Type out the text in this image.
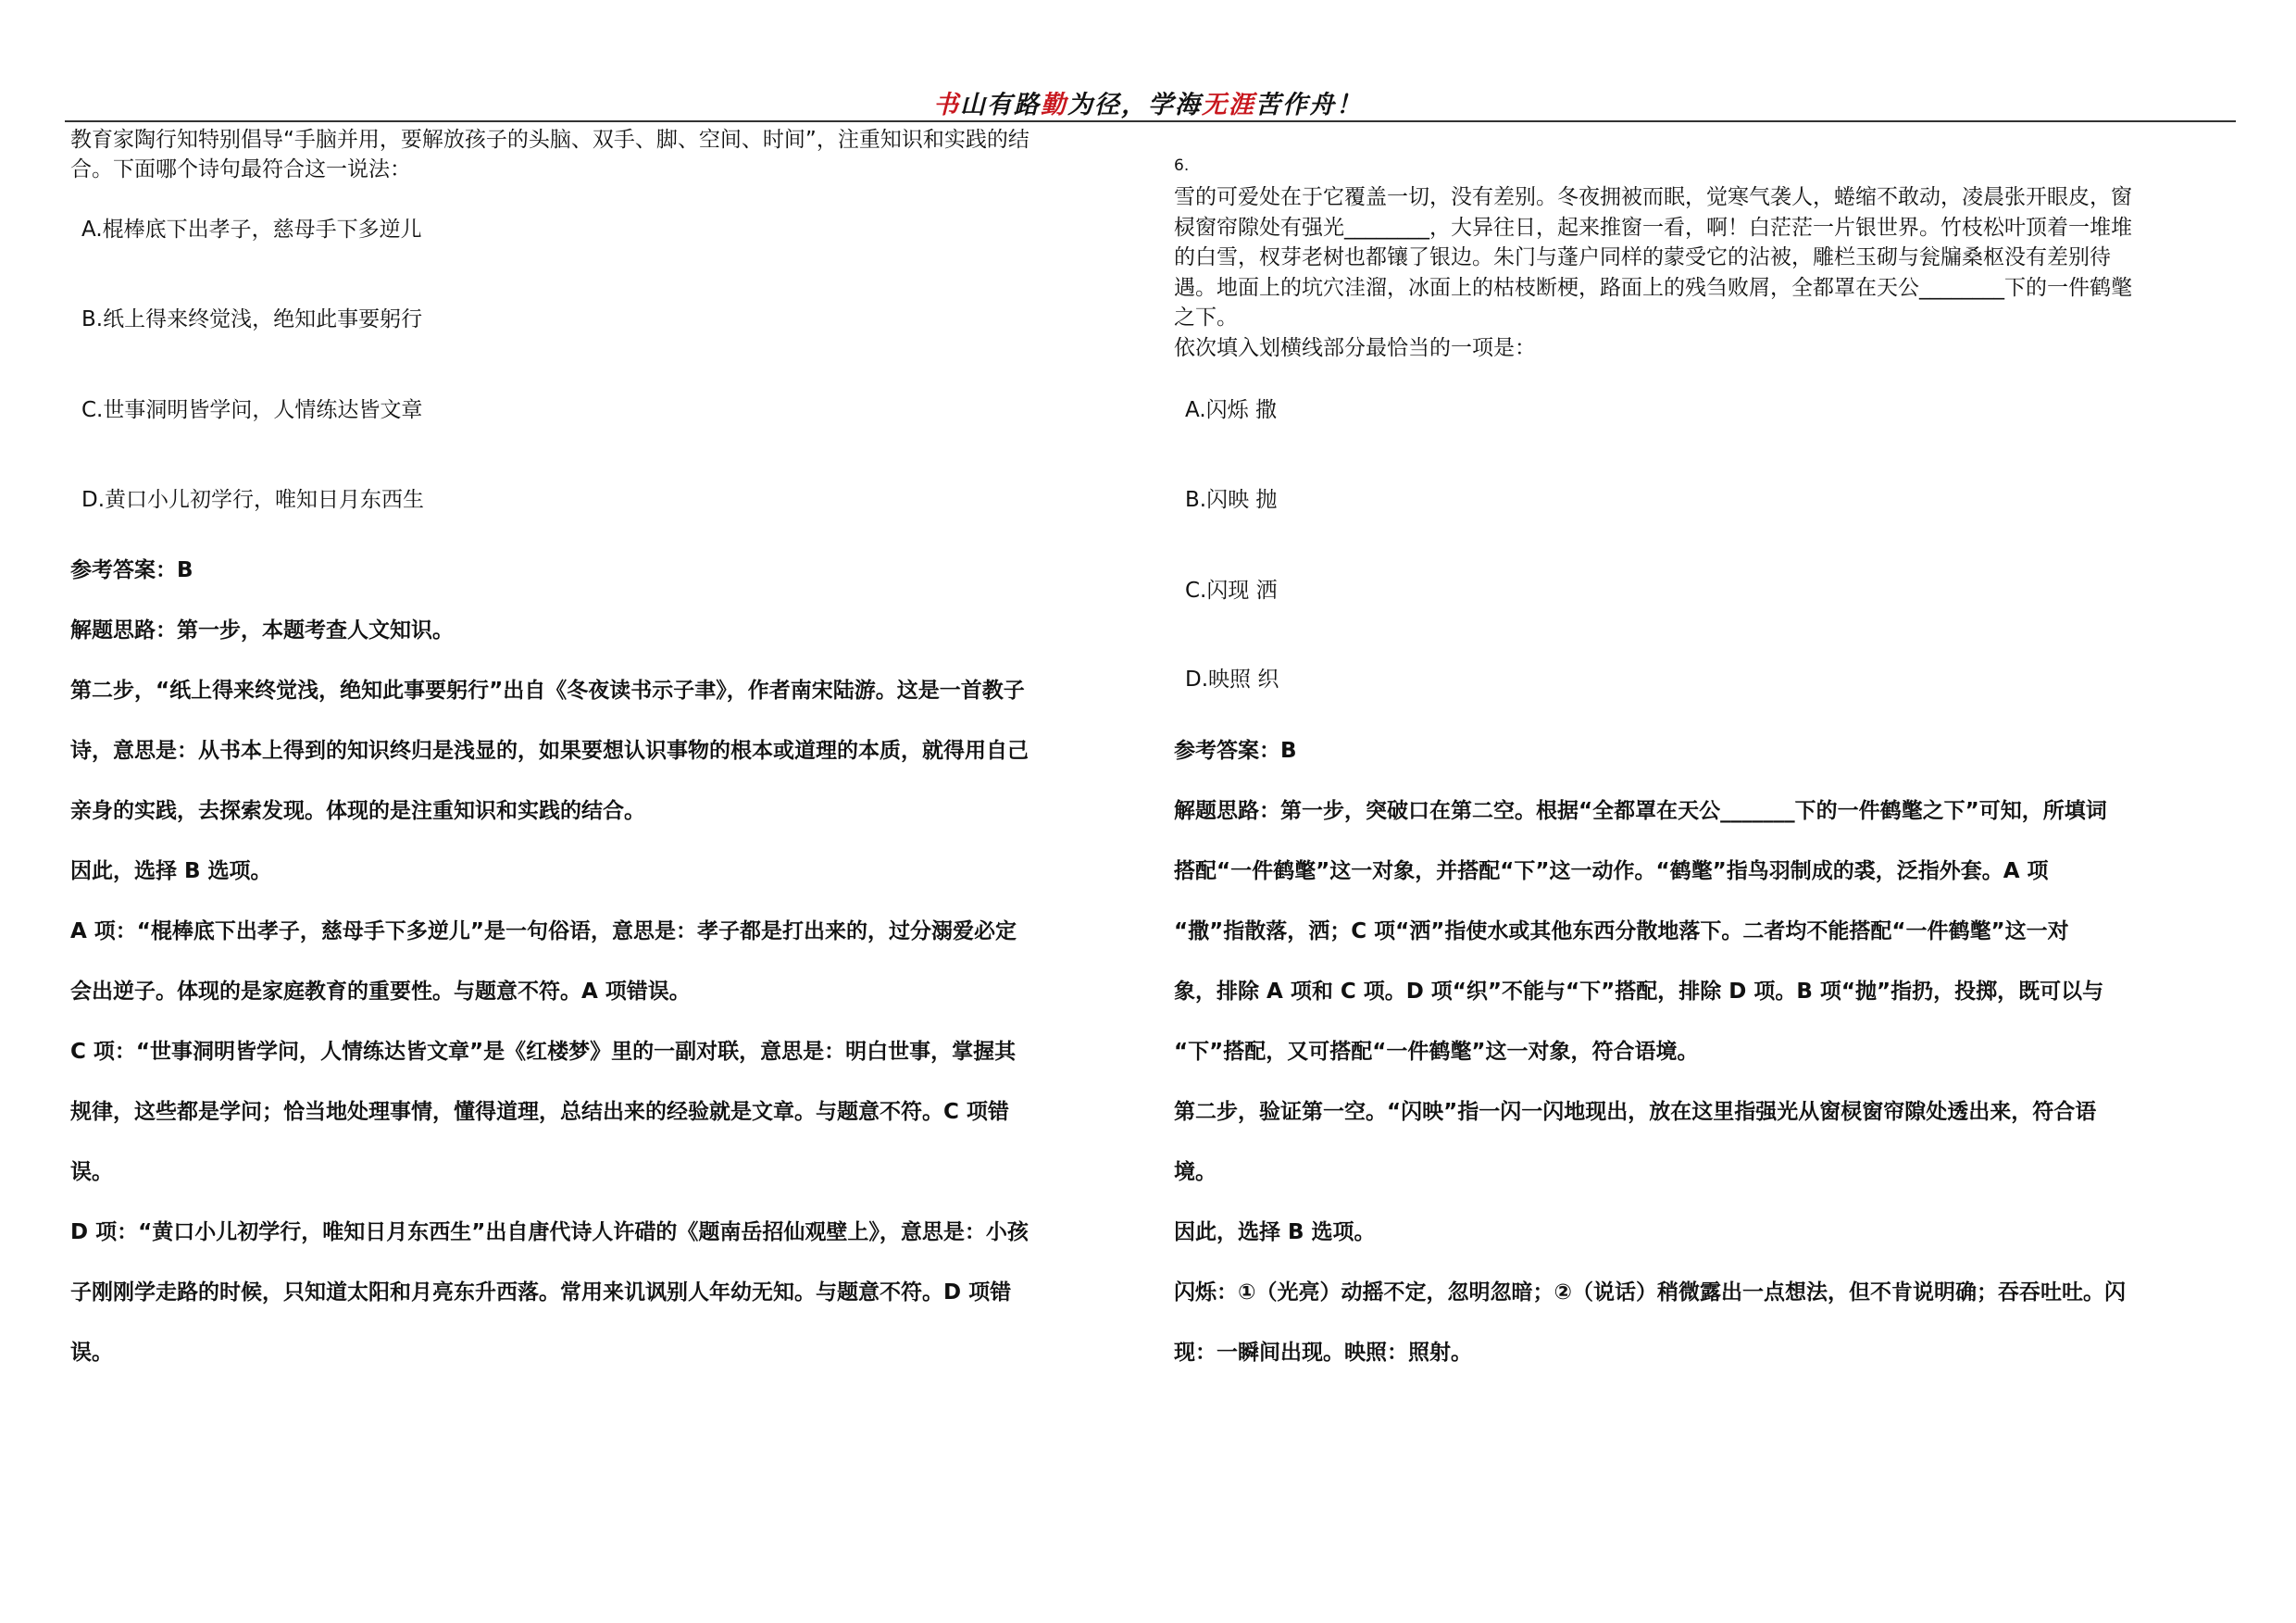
书山有路勤为径，学海无涯苦作舟！
教育家陶行知特别倡导“手脑并用，要解放孩子的头脑、双手、脚、空间、时间”，注重知识和实践的结
合。下面哪个诗句最符合这一说法：
A.棍棒底下出孝子，慈母手下多逆儿
B.纸上得来终觉浅，绝知此事要躬行
C.世事洞明皆学问，人情练达皆文章
D.黄口小儿初学行，唯知日月东西生
参考答案：B
解题思路：第一步，本题考查人文知识。
第二步，“纸上得来终觉浅，绝知此事要躬行”出自《冬夜读书示子聿》，作者南宋陆游。这是一首教子
诗，意思是：从书本上得到的知识终归是浅显的，如果要想认识事物的根本或道理的本质，就得用自己
亲身的实践，去探索发现。体现的是注重知识和实践的结合。
因此，选择 B 选项。
A 项：“棍棒底下出孝子，慈母手下多逆儿”是一句俗语，意思是：孝子都是打出来的，过分溺爱必定
会出逆子。体现的是家庭教育的重要性。与题意不符。A 项错误。
C 项：“世事洞明皆学问，人情练达皆文章”是《红楼梦》里的一副对联，意思是：明白世事，掌握其
规律，这些都是学问；恰当地处理事情，懂得道理，总结出来的经验就是文章。与题意不符。C 项错
误。
D 项：“黄口小儿初学行，唯知日月东西生”出自唐代诗人许碏的《题南岳招仙观壁上》，意思是：小孩
子刚刚学走路的时候，只知道太阳和月亮东升西落。常用来讥讽别人年幼无知。与题意不符。D 项错
误。
6.
雪的可爱处在于它覆盖一切，没有差别。冬夜拥被而眠，觉寒气袭人，蜷缩不敢动，凌晨张开眼皮，窗
棂窗帘隙处有强光________，大异往日，起来推窗一看，啊！白茫茫一片银世界。竹枝松叶顶着一堆堆
的白雪，杈芽老树也都镶了银边。朱门与蓬户同样的蒙受它的沾被，雕栏玉砌与瓮牖桑枢没有差别待
遇。地面上的坑穴洼溜，冰面上的枯枝断梗，路面上的残刍败屑，全都罩在天公________下的一件鹤氅
之下。
依次填入划横线部分最恰当的一项是：
A.闪烁 撒
B.闪映 抛
C.闪现 洒
D.映照 织
参考答案：B
解题思路：第一步，突破口在第二空。根据“全都罩在天公_______下的一件鹤氅之下”可知，所填词
搭配“一件鹤氅”这一对象，并搭配“下”这一动作。“鹤氅”指鸟羽制成的裘，泛指外套。A 项
“撒”指散落，洒；C 项“洒”指使水或其他东西分散地落下。二者均不能搭配“一件鹤氅”这一对
象，排除 A 项和 C 项。D 项“织”不能与“下”搭配，排除 D 项。B 项“抛”指扔，投掷，既可以与
“下”搭配，又可搭配“一件鹤氅”这一对象，符合语境。
第二步，验证第一空。“闪映”指一闪一闪地现出，放在这里指强光从窗棂窗帘隙处透出来，符合语
境。
因此，选择 B 选项。
闪烁：①（光亮）动摇不定，忽明忽暗；②（说话）稍微露出一点想法，但不肯说明确；吞吞吐吐。闪
现：一瞬间出现。映照：照射。
